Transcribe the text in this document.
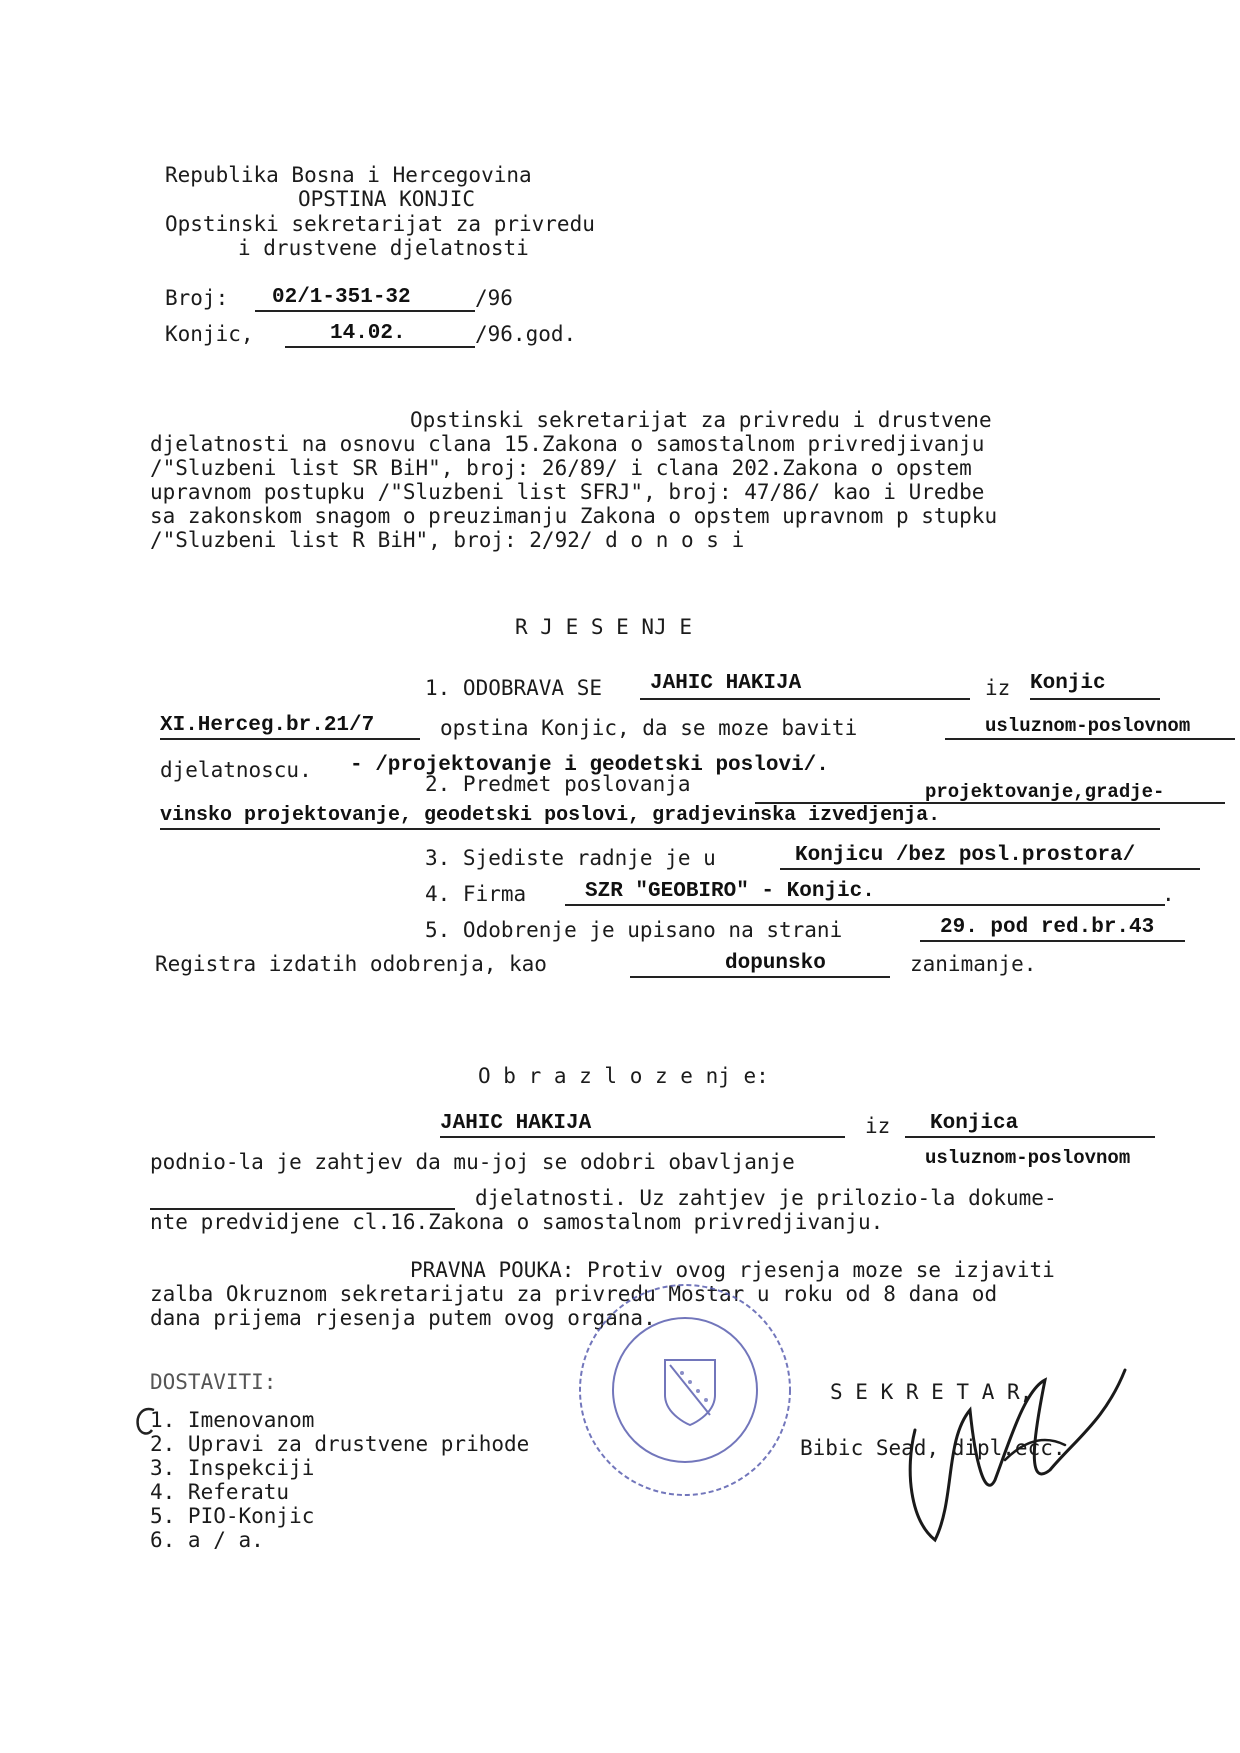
Republika Bosna i Hercegovina
OPSTINA KONJIC
Opstinski sekretarijat za privredu
i drustvene djelatnosti
Broj: 02/1-351-32	/96
Konjic,	14.02.	/96.god.
Opstinski sekretarijat za privredu i drustvene
djelatnosti na osnovu clana 15.Zakona o samostalnom privredjivanju
/"Sluzbeni list SR BiH", broj: 26/89/ i clana 202.Zakona o opstem
upravnom postupku /"Sluzbeni list SFRJ", broj: 47/86/ kao i Uredbe
sa zakonskom snagom o preuzimanju Zakona o opstem upravnom p stupku
/"Sluzbeni list R BiH", broj: 2/92/ d o n o s i
R J E S E NJ E
1. ODOBRAVA SE JAHIC HAKIJA	iz Konjic
XI.Herceg.br.21/7	opstina Konjic, da se moze baviti	usluznom-poslovnom
djelatnoscu. - /projektovanje i geodetski poslovi/.
2. Predmet poslovanja	projektovanje,gradje-
vinsko projektovanje, geodetski poslovi, gradjevinska izvedjenja.
3. Sjediste radnje je u	Konjicu /bez posl.prostora/
4. Firma	SZR "GEOBIRO" - Konjic.	.
5. Odobrenje je upisano na strani	29. pod red.br.43
Registra izdatih odobrenja, kao	dopunsko	zanimanje.
O b r a z l o z e nj e:
JAHIC HAKIJA	iz Konjica
podnio-la je zahtjev da mu-joj se odobri obavljanje	usluznom-poslovnom
djelatnosti. Uz zahtjev je prilozio-la dokume-
nte predvidjene cl.16.Zakona o samostalnom privredjivanju.
PRAVNA POUKA: Protiv ovog rjesenja moze se izjaviti
zalba Okruznom sekretarijatu za privredu Mostar u roku od 8 dana od
dana prijema rjesenja putem ovog organa.
DOSTAVITI:
1. Imenovanom
2. Upravi za drustvene prihode
3. Inspekciji
4. Referatu
5. PIO-Konjic
6. a / a.
S E K R E T A R,
Bibic Sead, dipl.ecc.
